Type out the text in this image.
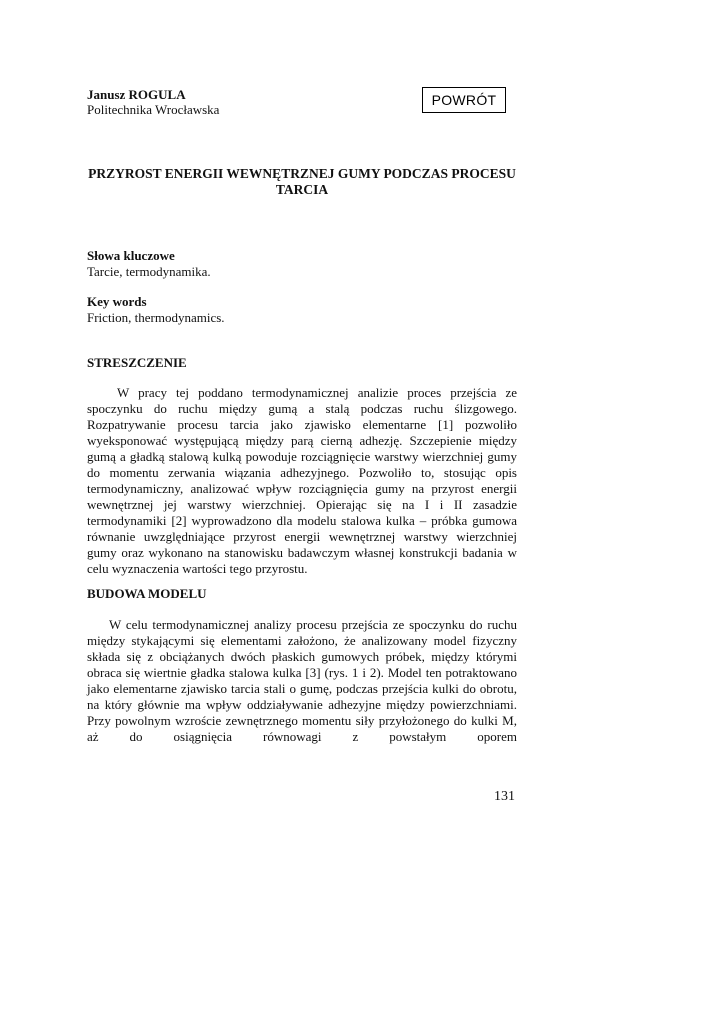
Janusz ROGULA
Politechnika Wrocławska
POWRÓT
PRZYROST ENERGII WEWNĘTRZNEJ GUMY PODCZAS PROCESU TARCIA
Słowa kluczowe
Tarcie, termodynamika.
Key words
Friction, thermodynamics.
STRESZCZENIE
W pracy tej poddano termodynamicznej analizie proces przejścia ze spoczynku do ruchu między gumą a stalą podczas ruchu ślizgowego. Rozpatrywanie procesu tarcia jako zjawisko elementarne [1] pozwoliło wyeksponować występującą między parą cierną adhezję. Szczepienie między gumą a gładką stalową kulką powoduje rozciągnięcie warstwy wierzchniej gumy do momentu zerwania wiązania adhezyjnego. Pozwoliło to, stosując opis termodynamiczny, analizować wpływ rozciągnięcia gumy na przyrost energii wewnętrznej jej warstwy wierzchniej. Opierając się na I i II zasadzie termodynamiki [2] wyprowadzono dla modelu stalowa kulka – próbka gumowa równanie uwzględniające przyrost energii wewnętrznej warstwy wierzchniej gumy oraz wykonano na stanowisku badawczym własnej konstrukcji badania w celu wyznaczenia wartości tego przyrostu.
BUDOWA MODELU
W celu termodynamicznej analizy procesu przejścia ze spoczynku do ruchu między stykającymi się elementami założono, że analizowany model fizyczny składa się z obciążanych dwóch płaskich gumowych próbek, między którymi obraca się wiertnie gładka stalowa kulka [3] (rys. 1 i 2). Model ten potraktowano jako elementarne zjawisko tarcia stali o gumę, podczas przejścia kulki do obrotu, na który głównie ma wpływ oddziaływanie adhezyjne między powierzchniami. Przy powolnym wzroście zewnętrznego momentu siły przyłożonego do kulki M, aż do osiągnięcia równowagi z powstałym oporem
131
